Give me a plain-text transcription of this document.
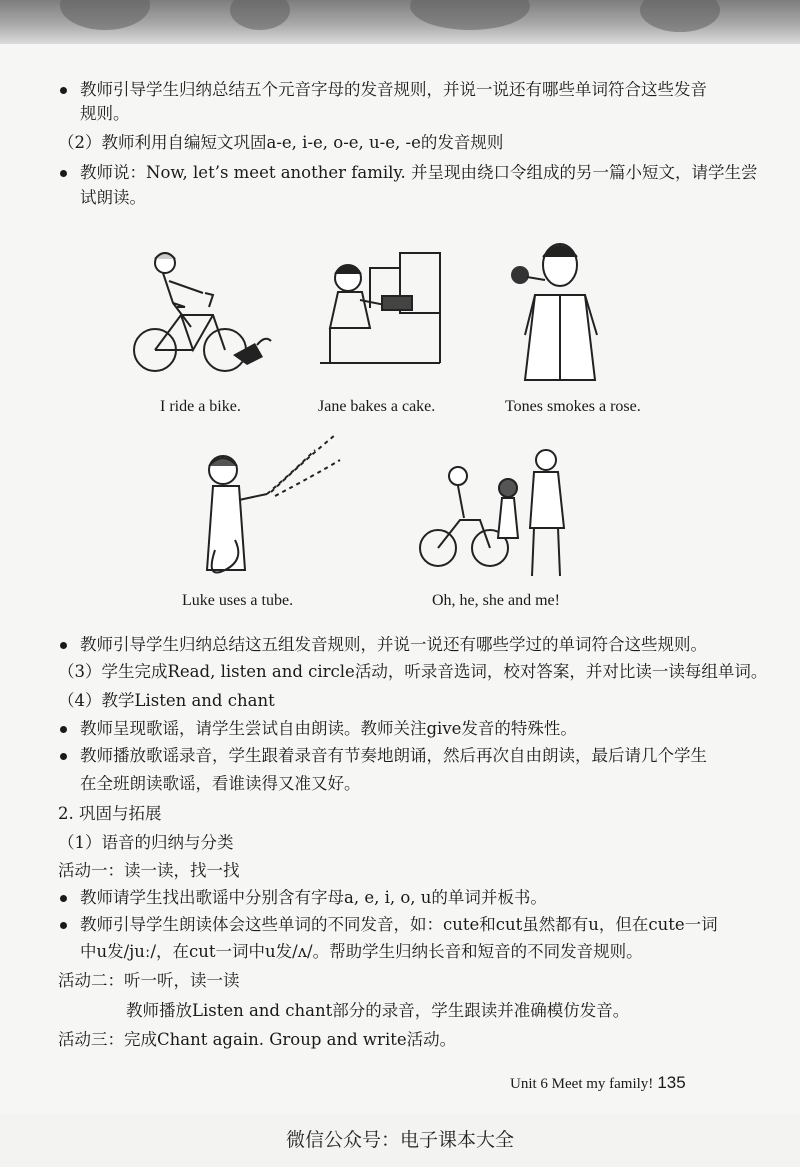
教师引导学生归纳总结五个元音字母的发音规则，并说一说还有哪些单词符合这些发音
规则。
（2）教师利用自编短文巩固a-e, i-e, o-e, u-e, -e的发音规则
教师说：Now, let’s meet another family. 并呈现由绕口令组成的另一篇小短文，请学生尝
试朗读。
I ride a bike.	Jane bakes a cake.	Tones smokes a rose.
Luke uses a tube.	Oh, he, she and me!
教师引导学生归纳总结这五组发音规则，并说一说还有哪些学过的单词符合这些规则。
（3）学生完成Read, listen and circle活动，听录音选词，校对答案，并对比读一读每组单词。
（4）教学Listen and chant
教师呈现歌谣，请学生尝试自由朗读。教师关注give发音的特殊性。
教师播放歌谣录音，学生跟着录音有节奏地朗诵，然后再次自由朗读，最后请几个学生
在全班朗读歌谣，看谁读得又准又好。
2. 巩固与拓展
（1）语音的归纳与分类
活动一：读一读，找一找
教师请学生找出歌谣中分别含有字母a, e, i, o, u的单词并板书。
教师引导学生朗读体会这些单词的不同发音，如：cute和cut虽然都有u，但在cute一词
中u发/juː/，在cut一词中u发/ʌ/。帮助学生归纳长音和短音的不同发音规则。
活动二：听一听，读一读
教师播放Listen and chant部分的录音，学生跟读并准确模仿发音。
活动三：完成Chant again. Group and write活动。
Unit 6 Meet my family! 135
微信公众号：电子课本大全
